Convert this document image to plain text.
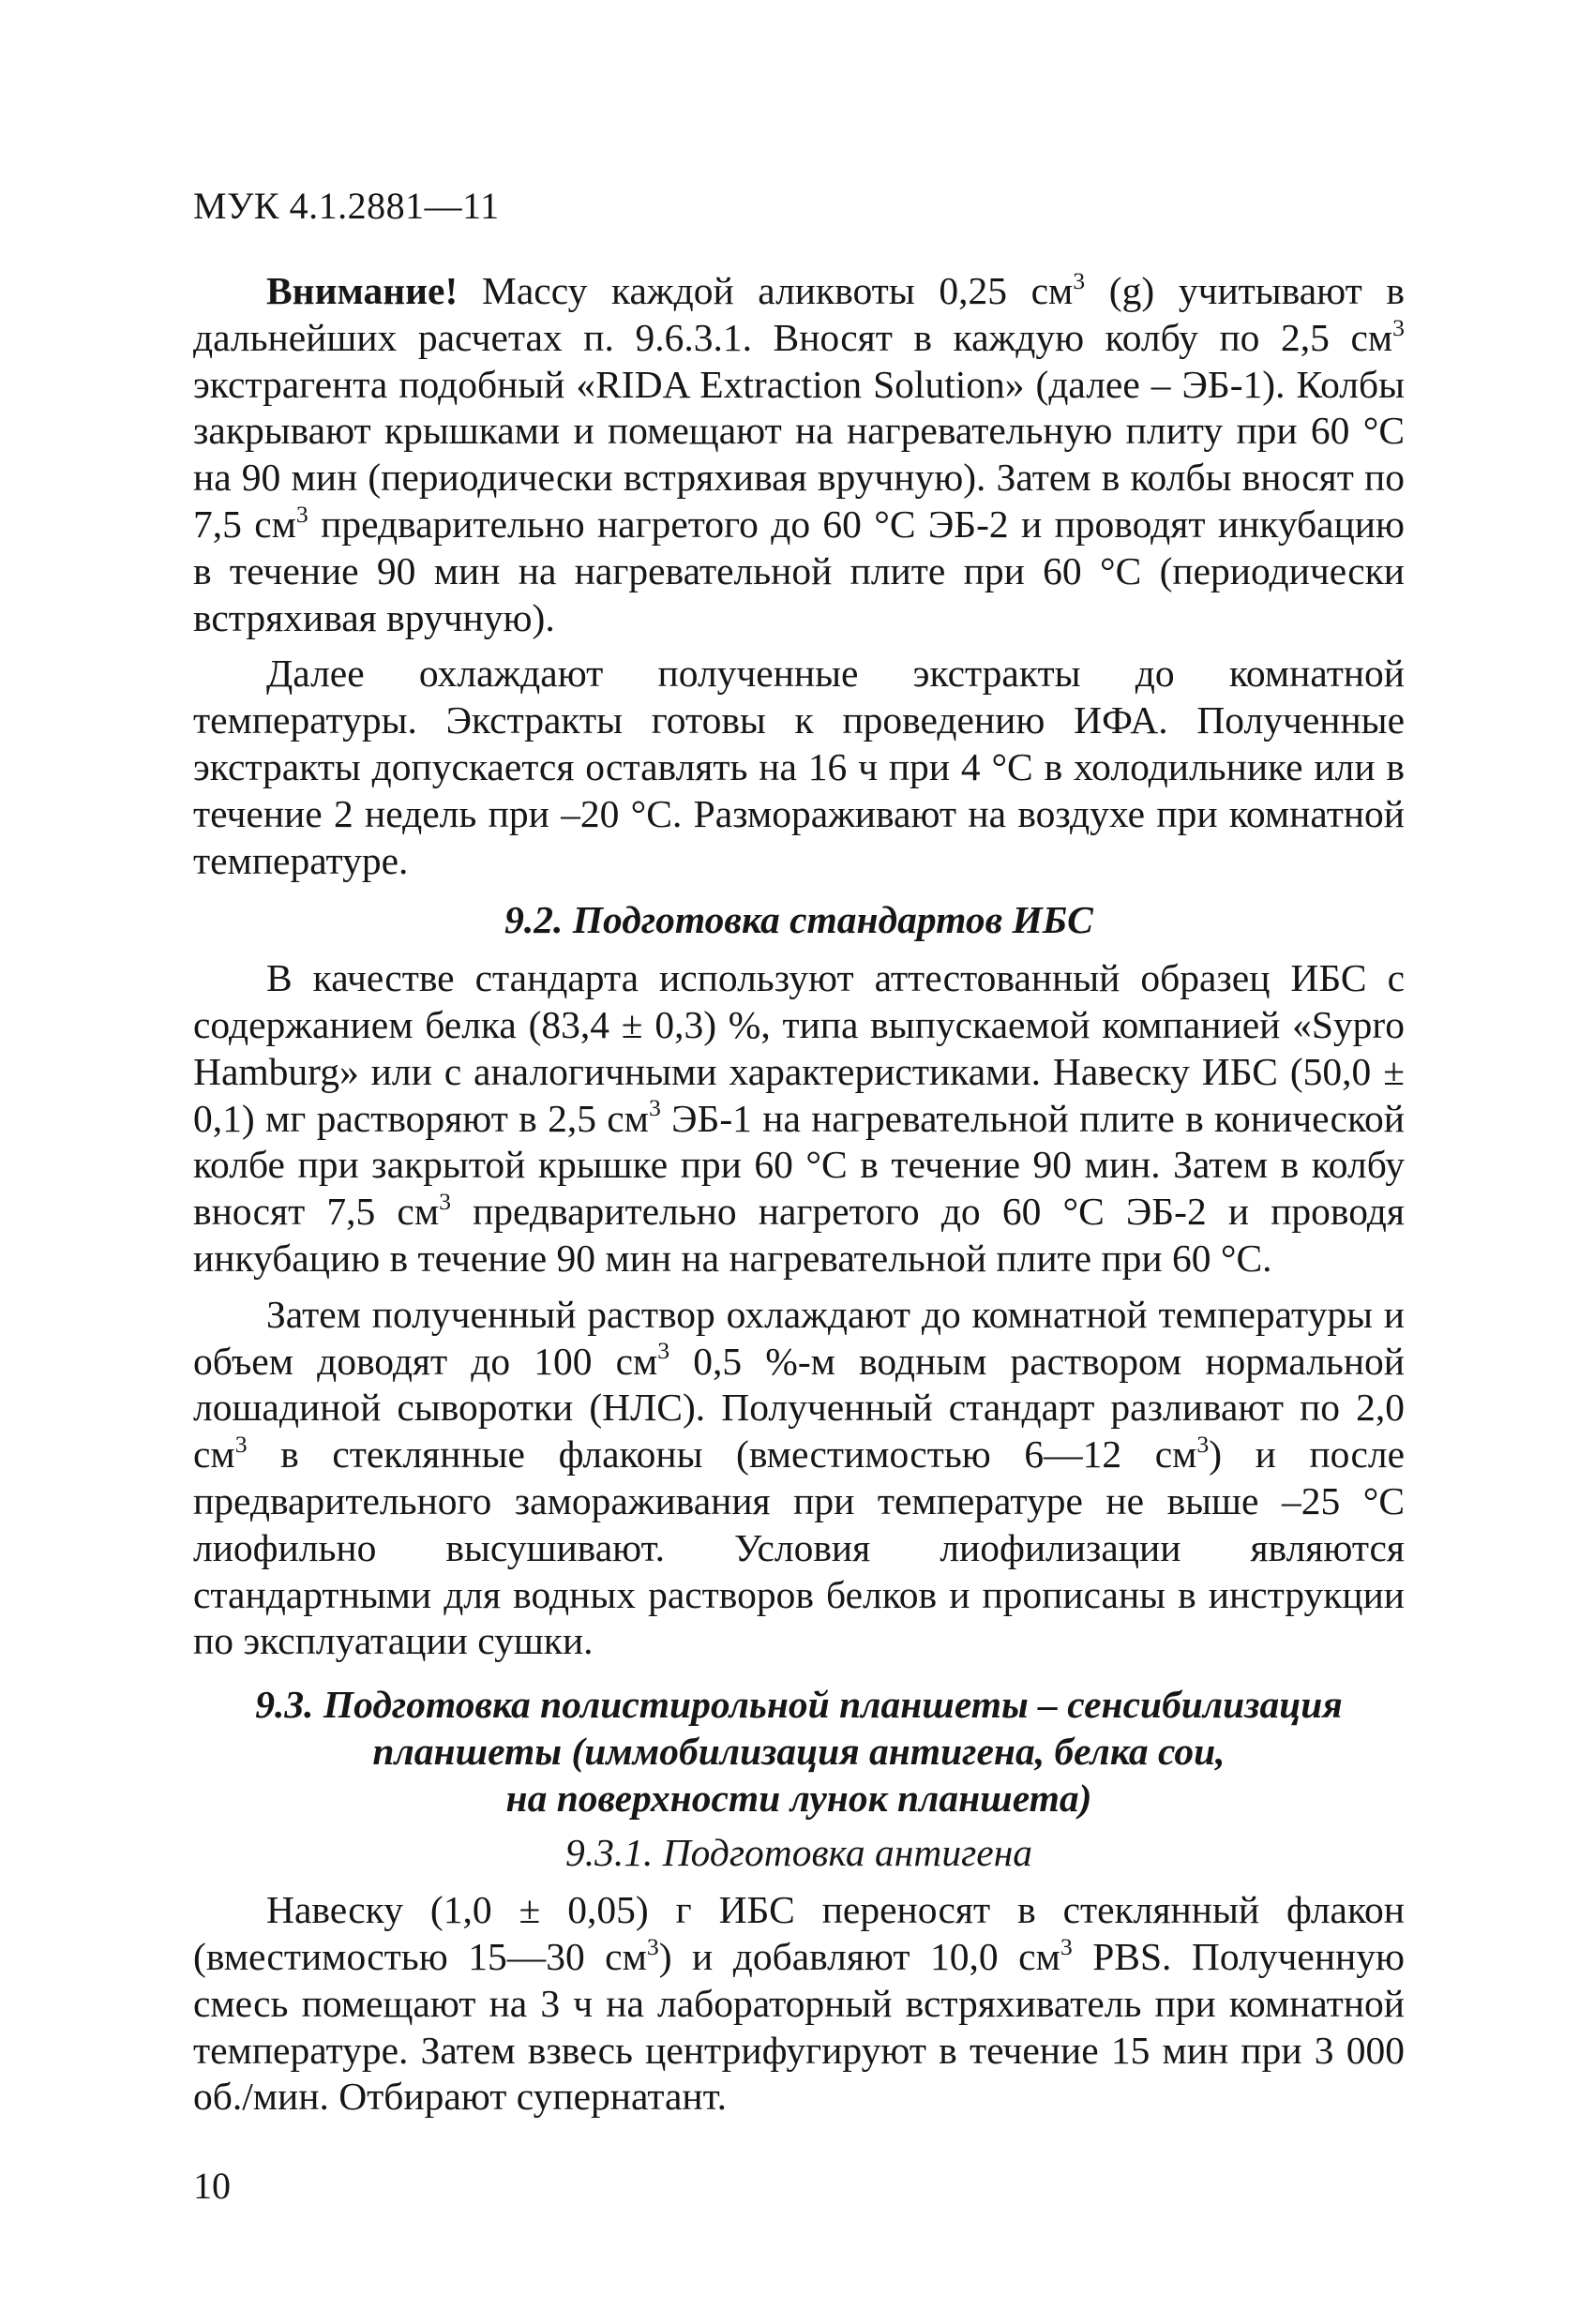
МУК 4.1.2881—11

Внимание! Массу каждой аликвоты 0,25 $см^3$ (g) учитывают в дальнейших расчетах п. 9.6.3.1. Вносят в каждую колбу по 2,5 $см^3$ экстрагента подобный «RIDA Extraction Solution» (далее – ЭБ-1). Колбы закрывают крышками и помещают на нагревательную плиту при 60 °С на 90 мин (периодически встряхивая вручную). Затем в колбы вносят по 7,5 $см^3$ предварительно нагретого до 60 °С ЭБ-2 и проводят инкубацию в течение 90 мин на нагревательной плите при 60 °С (периодически встряхивая вручную).

Далее охлаждают полученные экстракты до комнатной температуры. Экстракты готовы к проведению ИФА. Полученные экстракты допускается оставлять на 16 ч при 4 °С в холодильнике или в течение 2 недель при –20 °С. Размораживают на воздухе при комнатной температуре.

9.2. Подготовка стандартов ИБС

В качестве стандарта используют аттестованный образец ИБС с содержанием белка (83,4 ± 0,3) %, типа выпускаемой компанией «Sypro Hamburg» или с аналогичными характеристиками. Навеску ИБС (50,0 ± 0,1) мг растворяют в 2,5 $см^3$ ЭБ-1 на нагревательной плите в конической колбе при закрытой крышке при 60 °С в течение 90 мин. Затем в колбу вносят 7,5 $см^3$ предварительно нагретого до 60 °С ЭБ-2 и проводя инкубацию в течение 90 мин на нагревательной плите при 60 °С.

Затем полученный раствор охлаждают до комнатной температуры и объем доводят до 100 $см^3$ 0,5 %-м водным раствором нормальной лошадиной сыворотки (НЛС). Полученный стандарт разливают по 2,0 $см^3$ в стеклянные флаконы (вместимостью 6—12 $см^3$) и после предварительного замораживания при температуре не выше –25 °С лиофильно высушивают. Условия лиофилизации являются стандартными для водных растворов белков и прописаны в инструкции по эксплуатации сушки.

9.3. Подготовка полистирольной планшеты – сенсибилизация
планшеты (иммобилизация антигена, белка сои,
на поверхности лунок планшета)
9.3.1. Подготовка антигена

Навеску (1,0 ± 0,05) г ИБС переносят в стеклянный флакон (вместимостью 15—30 $см^3$) и добавляют 10,0 $см^3$ PBS. Полученную смесь помещают на 3 ч на лабораторный встряхиватель при комнатной температуре. Затем взвесь центрифугируют в течение 15 мин при 3 000 об./мин. Отбирают супернатант.

10
